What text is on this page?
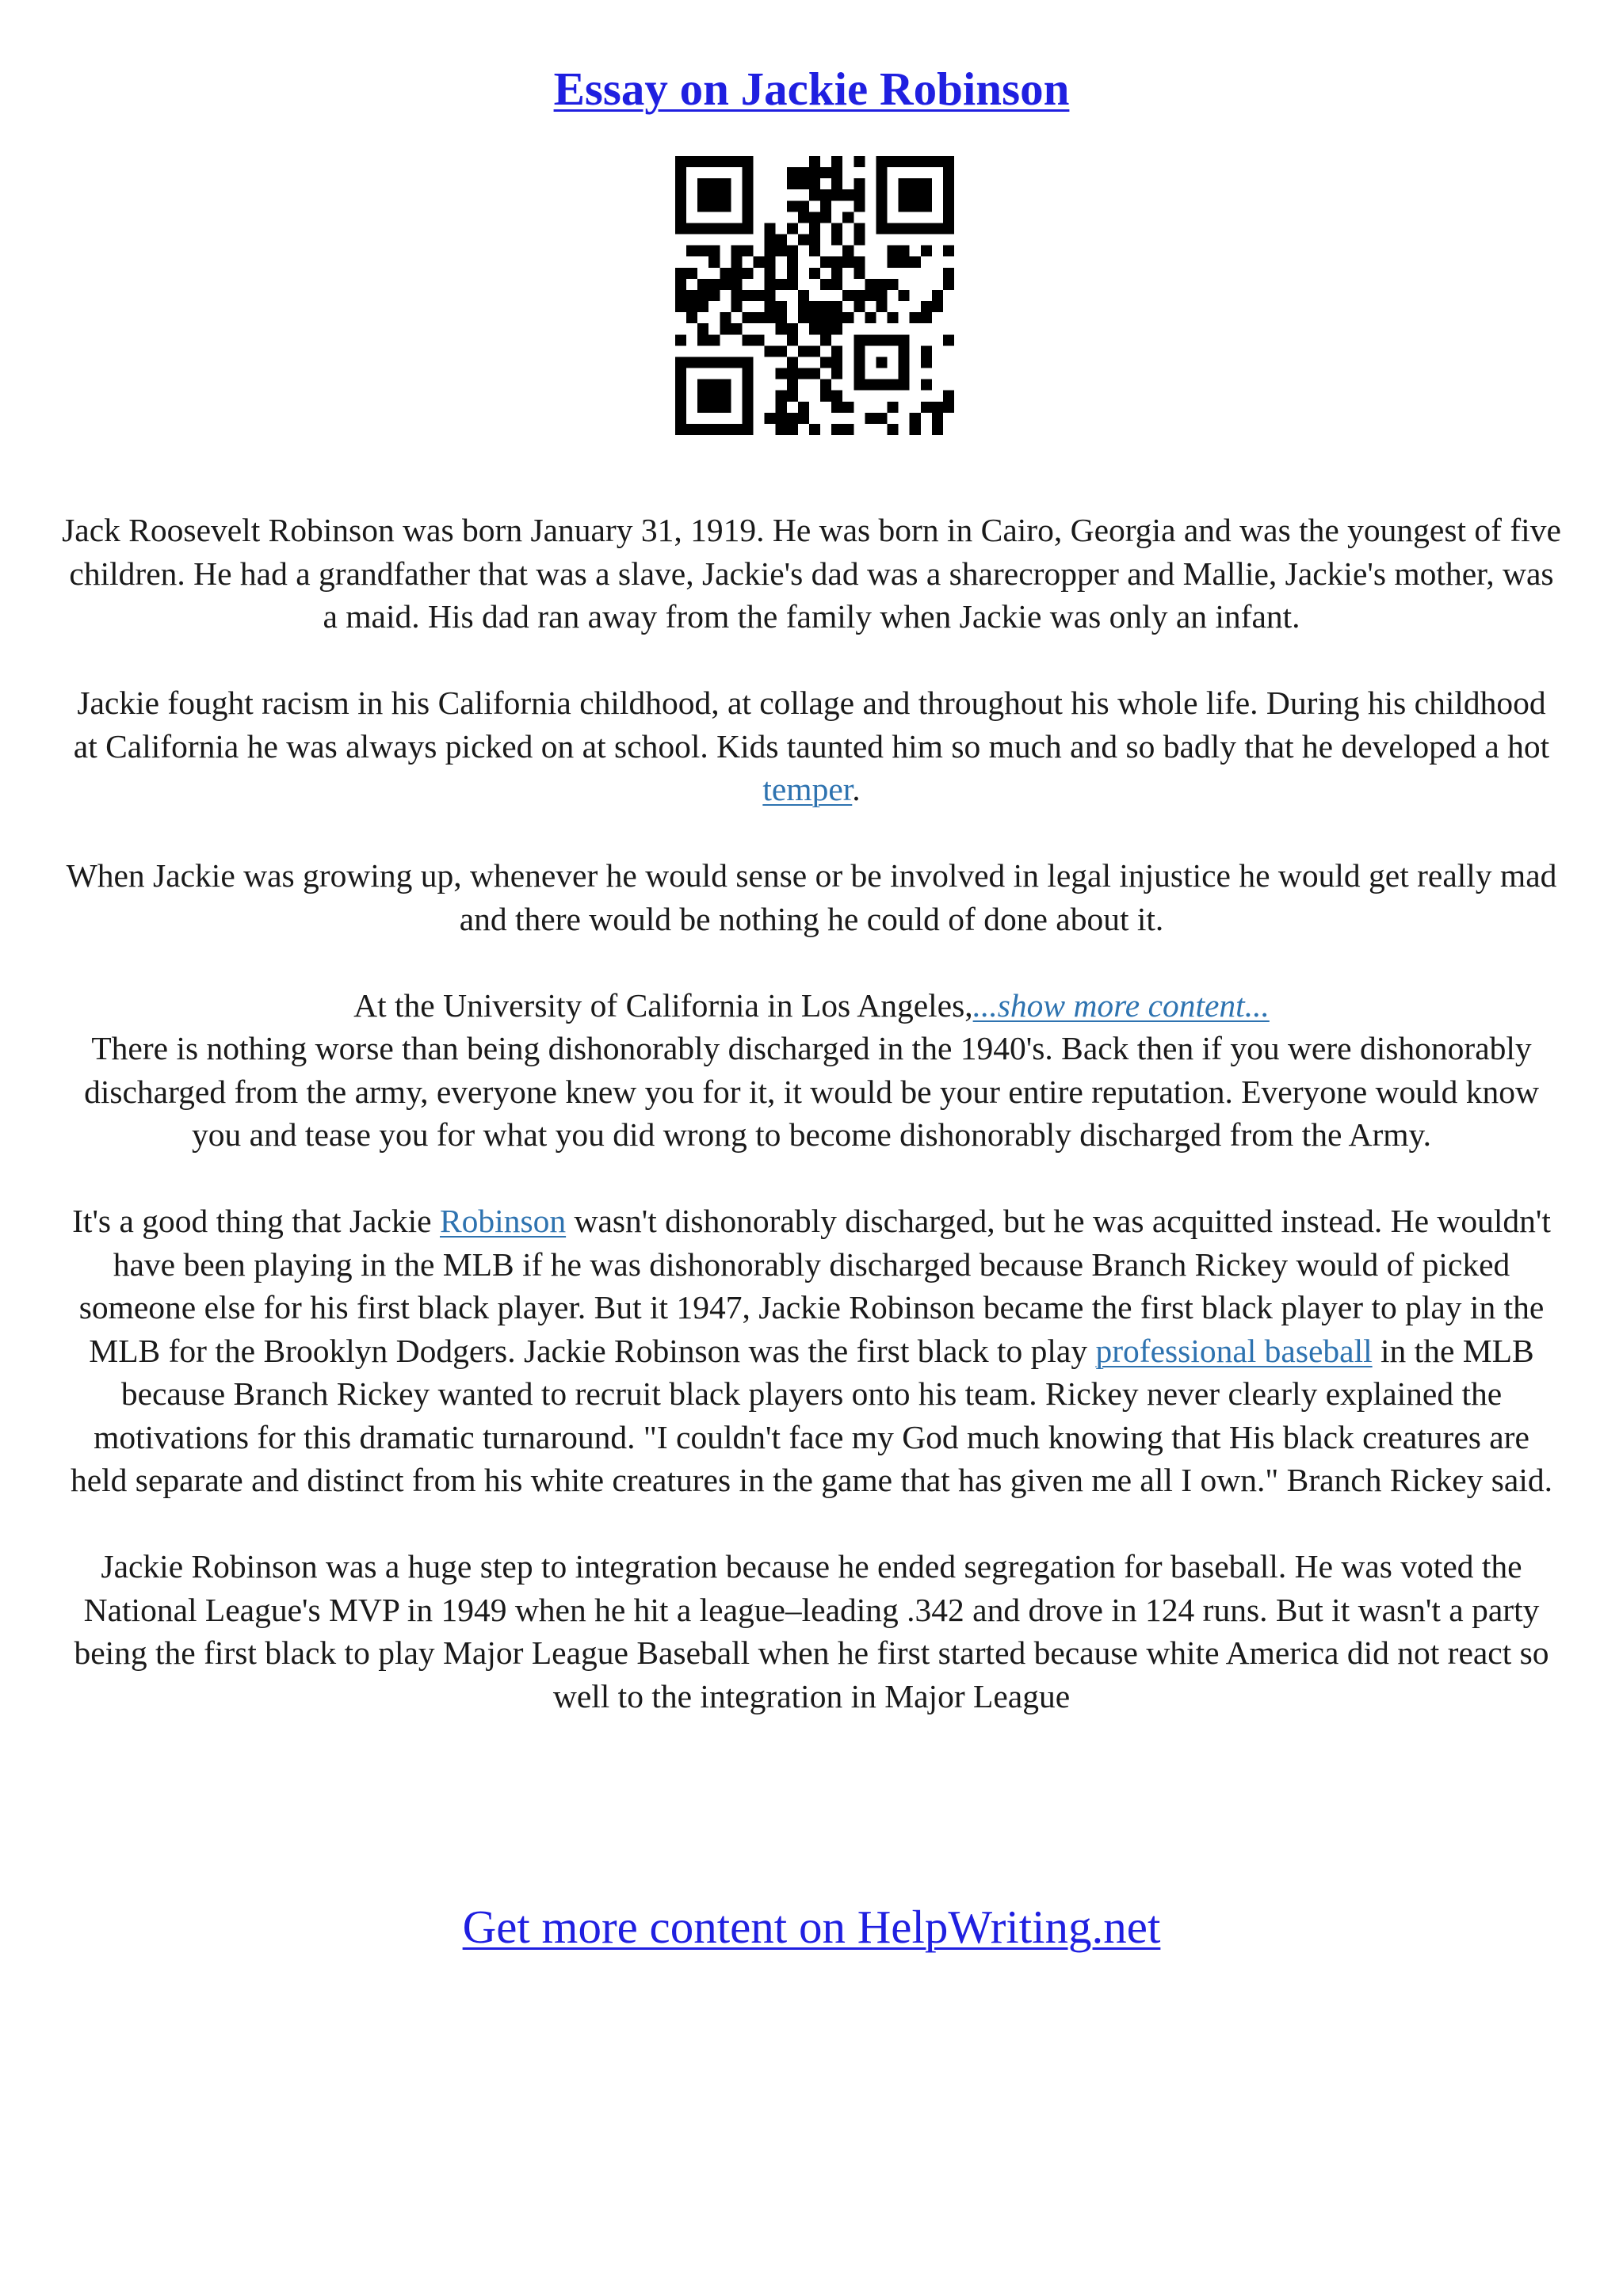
Essay on Jackie Robinson

Jack Roosevelt Robinson was born January 31, 1919. He was born in Cairo, Georgia and was the youngest of five children. He had a grandfather that was a slave, Jackie's dad was a sharecropper and Mallie, Jackie's mother, was a maid. His dad ran away from the family when Jackie was only an infant.

Jackie fought racism in his California childhood, at collage and throughout his whole life. During his childhood at California he was always picked on at school. Kids taunted him so much and so badly that he developed a hot temper.

When Jackie was growing up, whenever he would sense or be involved in legal injustice he would get really mad and there would be nothing he could of done about it.

At the University of California in Los Angeles,...show more content...

There is nothing worse than being dishonorably discharged in the 1940's. Back then if you were dishonorably discharged from the army, everyone knew you for it, it would be your entire reputation. Everyone would know you and tease you for what you did wrong to become dishonorably discharged from the Army.

It's a good thing that Jackie Robinson wasn't dishonorably discharged, but he was acquitted instead. He wouldn't have been playing in the MLB if he was dishonorably discharged because Branch Rickey would of picked someone else for his first black player. But it 1947, Jackie Robinson became the first black player to play in the MLB for the Brooklyn Dodgers. Jackie Robinson was the first black to play professional baseball in the MLB because Branch Rickey wanted to recruit black players onto his team. Rickey never clearly explained the motivations for this dramatic turnaround. "I couldn't face my God much knowing that His black creatures are held separate and distinct from his white creatures in the game that has given me all I own." Branch Rickey said.

Jackie Robinson was a huge step to integration because he ended segregation for baseball. He was voted the National League's MVP in 1949 when he hit a league–leading .342 and drove in 124 runs. But it wasn't a party being the first black to play Major League Baseball when he first started because white America did not react so well to the integration in Major League

Get more content on HelpWriting.net
